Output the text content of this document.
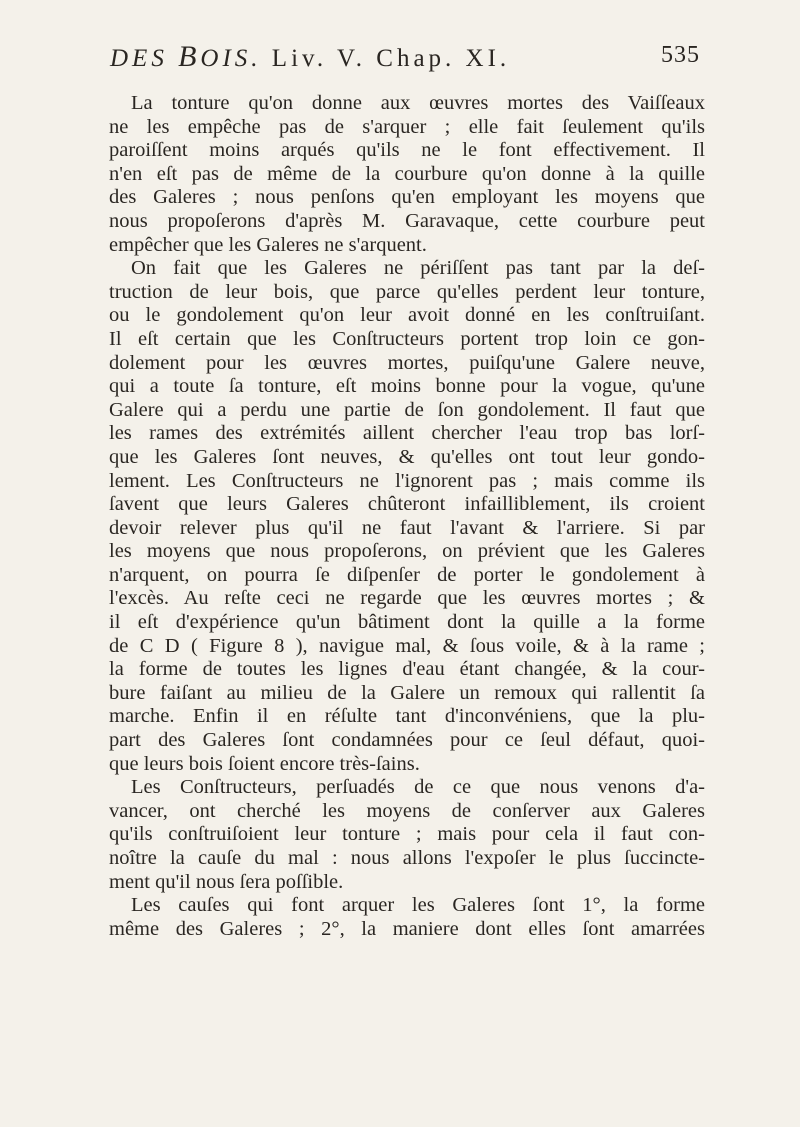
DES BOIS. Liv. V. Chap. XI.	535
La tonture qu'on donne aux œuvres mortes des Vaiſſeaux
ne les empêche pas de s'arquer ; elle fait ſeulement qu'ils
paroiſſent moins arqués qu'ils ne le font effectivement. Il
n'en eſt pas de même de la courbure qu'on donne à la quille
des Galeres ; nous penſons qu'en employant les moyens que
nous propoſerons d'après M. Garavaque, cette courbure peut
empêcher que les Galeres ne s'arquent.
On fait que les Galeres ne périſſent pas tant par la deſ-
truction de leur bois, que parce qu'elles perdent leur tonture,
ou le gondolement qu'on leur avoit donné en les conſtruiſant.
Il eſt certain que les Conſtructeurs portent trop loin ce gon-
dolement pour les œuvres mortes, puiſqu'une Galere neuve,
qui a toute ſa tonture, eſt moins bonne pour la vogue, qu'une
Galere qui a perdu une partie de ſon gondolement. Il faut que
les rames des extrémités aillent chercher l'eau trop bas lorſ-
que les Galeres ſont neuves, & qu'elles ont tout leur gondo-
lement. Les Conſtructeurs ne l'ignorent pas ; mais comme ils
ſavent que leurs Galeres chûteront infailliblement, ils croient
devoir relever plus qu'il ne faut l'avant & l'arriere. Si par
les moyens que nous propoſerons, on prévient que les Galeres
n'arquent, on pourra ſe diſpenſer de porter le gondolement à
l'excès. Au reſte ceci ne regarde que les œuvres mortes ; &
il eſt d'expérience qu'un bâtiment dont la quille a la forme
de C D ( Figure 8 ), navigue mal, & ſous voile, & à la rame ;
la forme de toutes les lignes d'eau étant changée, & la cour-
bure faiſant au milieu de la Galere un remoux qui rallentit ſa
marche. Enfin il en réſulte tant d'inconvéniens, que la plu-
part des Galeres ſont condamnées pour ce ſeul défaut, quoi-
que leurs bois ſoient encore très-ſains.
Les Conſtructeurs, perſuadés de ce que nous venons d'a-
vancer, ont cherché les moyens de conſerver aux Galeres
qu'ils conſtruiſoient leur tonture ; mais pour cela il faut con-
noître la cauſe du mal : nous allons l'expoſer le plus ſuccincte-
ment qu'il nous ſera poſſible.
Les cauſes qui font arquer les Galeres ſont 1°, la forme
même des Galeres ; 2°, la maniere dont elles ſont amarrées
